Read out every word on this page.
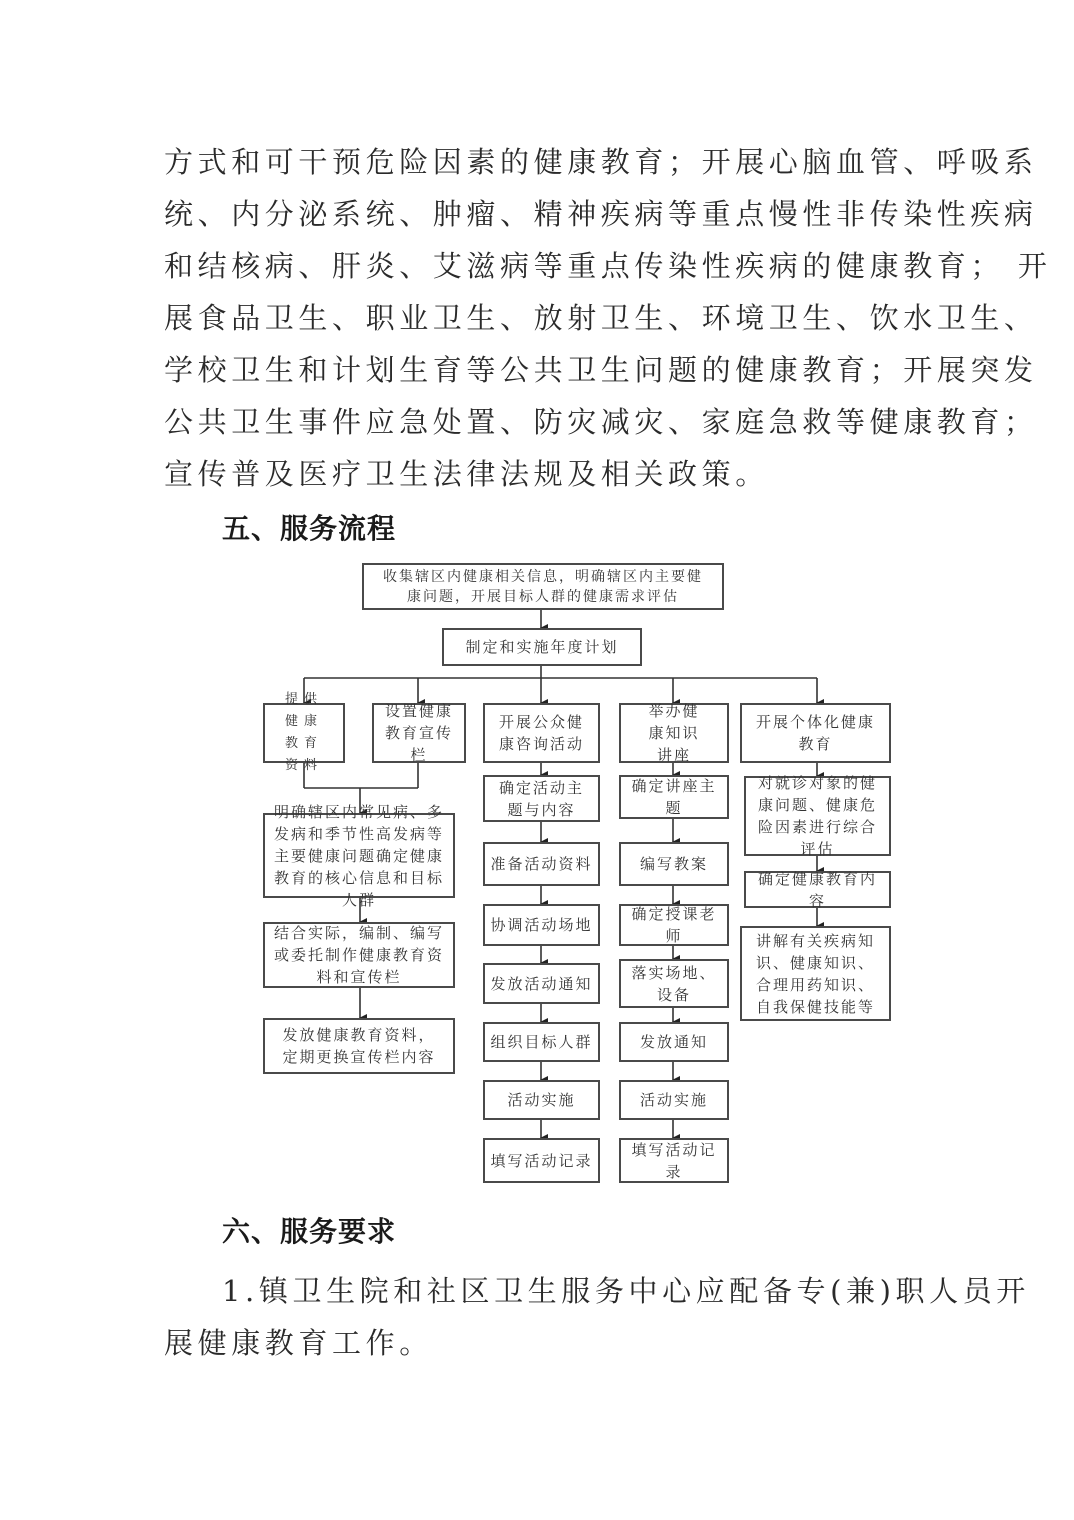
方式和可干预危险因素的健康教育；开展心脑血管、呼吸系
统、内分泌系统、肿瘤、精神疾病等重点慢性非传染性疾病
和结核病、肝炎、艾滋病等重点传染性疾病的健康教育； 开
展食品卫生、职业卫生、放射卫生、环境卫生、饮水卫生、
学校卫生和计划生育等公共卫生问题的健康教育；开展突发
公共卫生事件应急处置、防灾减灾、家庭急救等健康教育；
宣传普及医疗卫生法律法规及相关政策。
五、服务流程
收集辖区内健康相关信息，明确辖区内主要健康问题，开展目标人群的健康需求评估
制定和实施年度计划
提供健康教育资料
设置健康教育宣传栏
开展公众健康咨询活动
举办健康知识讲座
开展个体化健康教育
明确辖区内常见病、多发病和季节性高发病等主要健康问题确定健康教育的核心信息和目标人群
结合实际，编制、编写或委托制作健康教育资料和宣传栏
发放健康教育资料，定期更换宣传栏内容
确定活动主题与内容
准备活动资料
协调活动场地
发放活动通知
组织目标人群
活动实施
填写活动记录
确定讲座主题
编写教案
确定授课老师
落实场地、设备
发放通知
活动实施
填写活动记录
对就诊对象的健康问题、健康危险因素进行综合评估
确定健康教育内容
讲解有关疾病知识、健康知识、合理用药知识、自我保健技能等
六、服务要求
1.镇卫生院和社区卫生服务中心应配备专(兼)职人员开
展健康教育工作。
